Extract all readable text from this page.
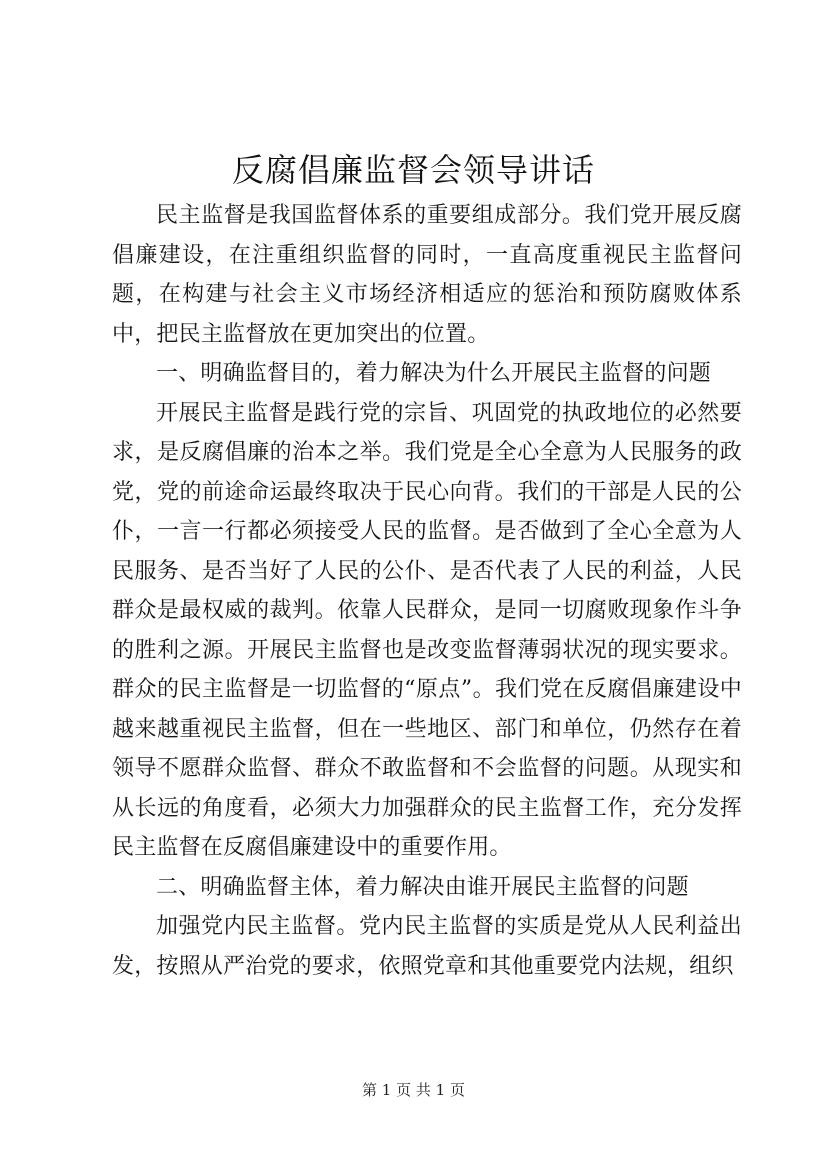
反腐倡廉监督会领导讲话

民主监督是我国监督体系的重要组成部分。我们党开展反腐倡廉建设，在注重组织监督的同时，一直高度重视民主监督问题，在构建与社会主义市场经济相适应的惩治和预防腐败体系中，把民主监督放在更加突出的位置。

一、明确监督目的，着力解决为什么开展民主监督的问题

开展民主监督是践行党的宗旨、巩固党的执政地位的必然要求，是反腐倡廉的治本之举。我们党是全心全意为人民服务的政党，党的前途命运最终取决于民心向背。我们的干部是人民的公仆，一言一行都必须接受人民的监督。是否做到了全心全意为人民服务、是否当好了人民的公仆、是否代表了人民的利益，人民群众是最权威的裁判。依靠人民群众，是同一切腐败现象作斗争的胜利之源。开展民主监督也是改变监督薄弱状况的现实要求。群众的民主监督是一切监督的“原点”。我们党在反腐倡廉建设中越来越重视民主监督，但在一些地区、部门和单位，仍然存在着领导不愿群众监督、群众不敢监督和不会监督的问题。从现实和从长远的角度看，必须大力加强群众的民主监督工作，充分发挥民主监督在反腐倡廉建设中的重要作用。

二、明确监督主体，着力解决由谁开展民主监督的问题

加强党内民主监督。党内民主监督的实质是党从人民利益出发，按照从严治党的要求，依照党章和其他重要党内法规，组织

第 1 页 共 1 页
